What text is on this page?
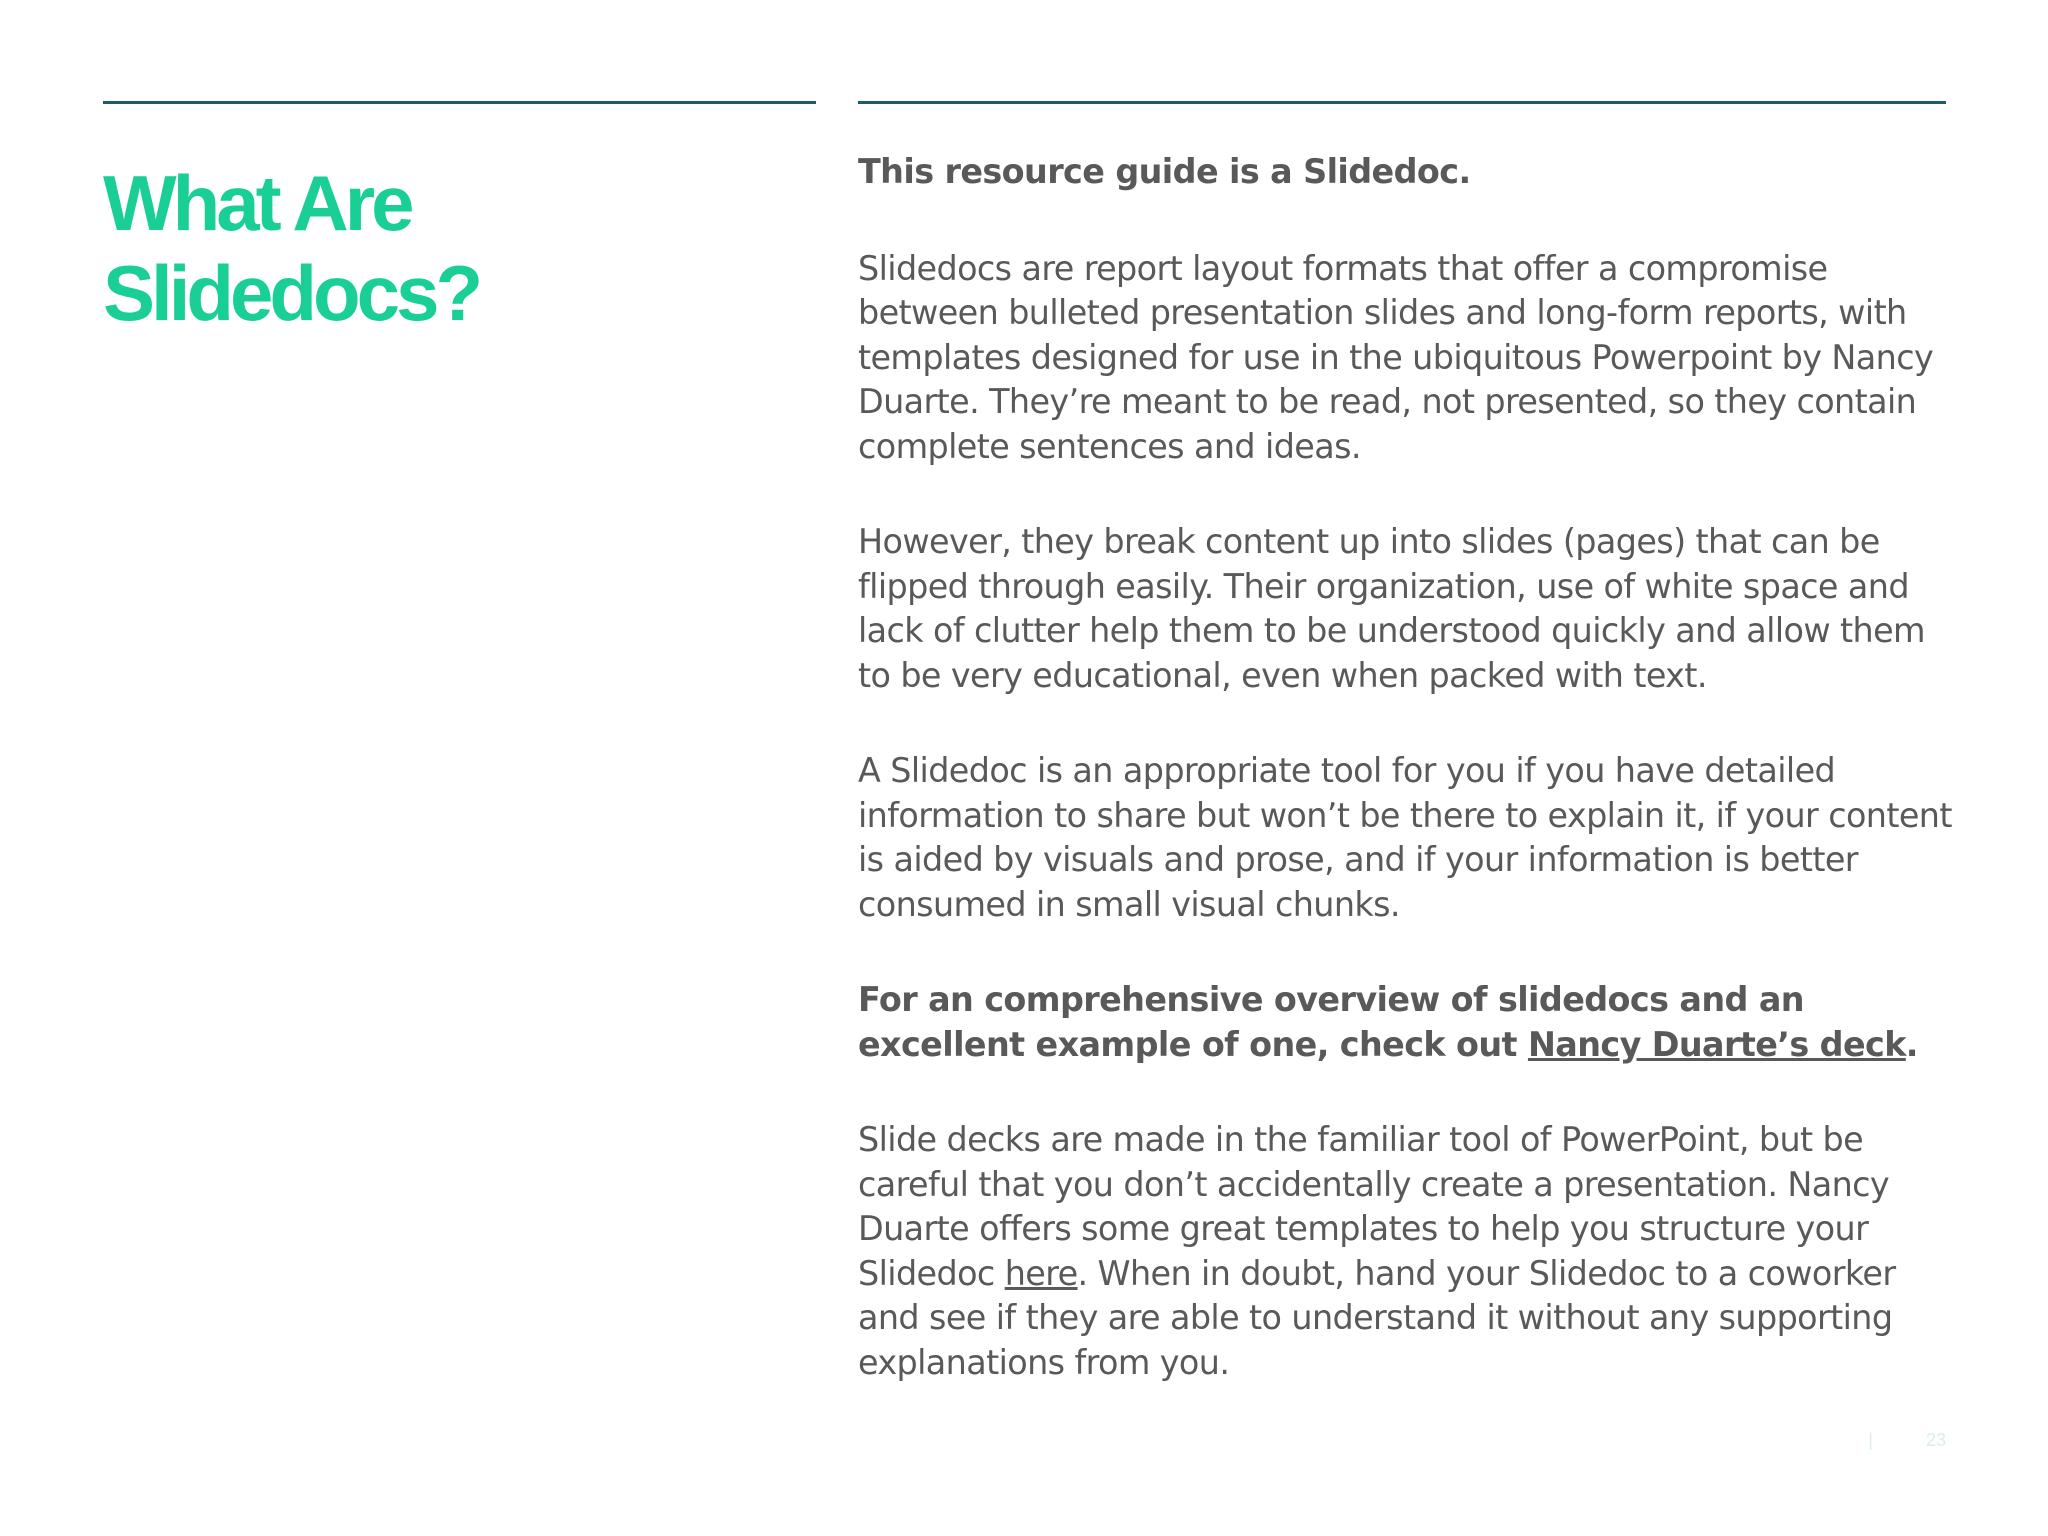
What Are
Slidedocs?

This resource guide is a Slidedoc.

Slidedocs are report layout formats that offer a compromise between bulleted presentation slides and long-form reports, with templates designed for use in the ubiquitous Powerpoint by Nancy Duarte. They’re meant to be read, not presented, so they contain complete sentences and ideas.

However, they break content up into slides (pages) that can be flipped through easily. Their organization, use of white space and lack of clutter help them to be understood quickly and allow them to be very educational, even when packed with text.

A Slidedoc is an appropriate tool for you if you have detailed information to share but won’t be there to explain it, if your content is aided by visuals and prose, and if your information is better consumed in small visual chunks.

For an comprehensive overview of slidedocs and an excellent example of one, check out Nancy Duarte’s deck.

Slide decks are made in the familiar tool of PowerPoint, but be careful that you don’t accidentally create a presentation. Nancy Duarte offers some great templates to help you structure your Slidedoc here. When in doubt, hand your Slidedoc to a coworker and see if they are able to understand it without any supporting explanations from you.

|	23
